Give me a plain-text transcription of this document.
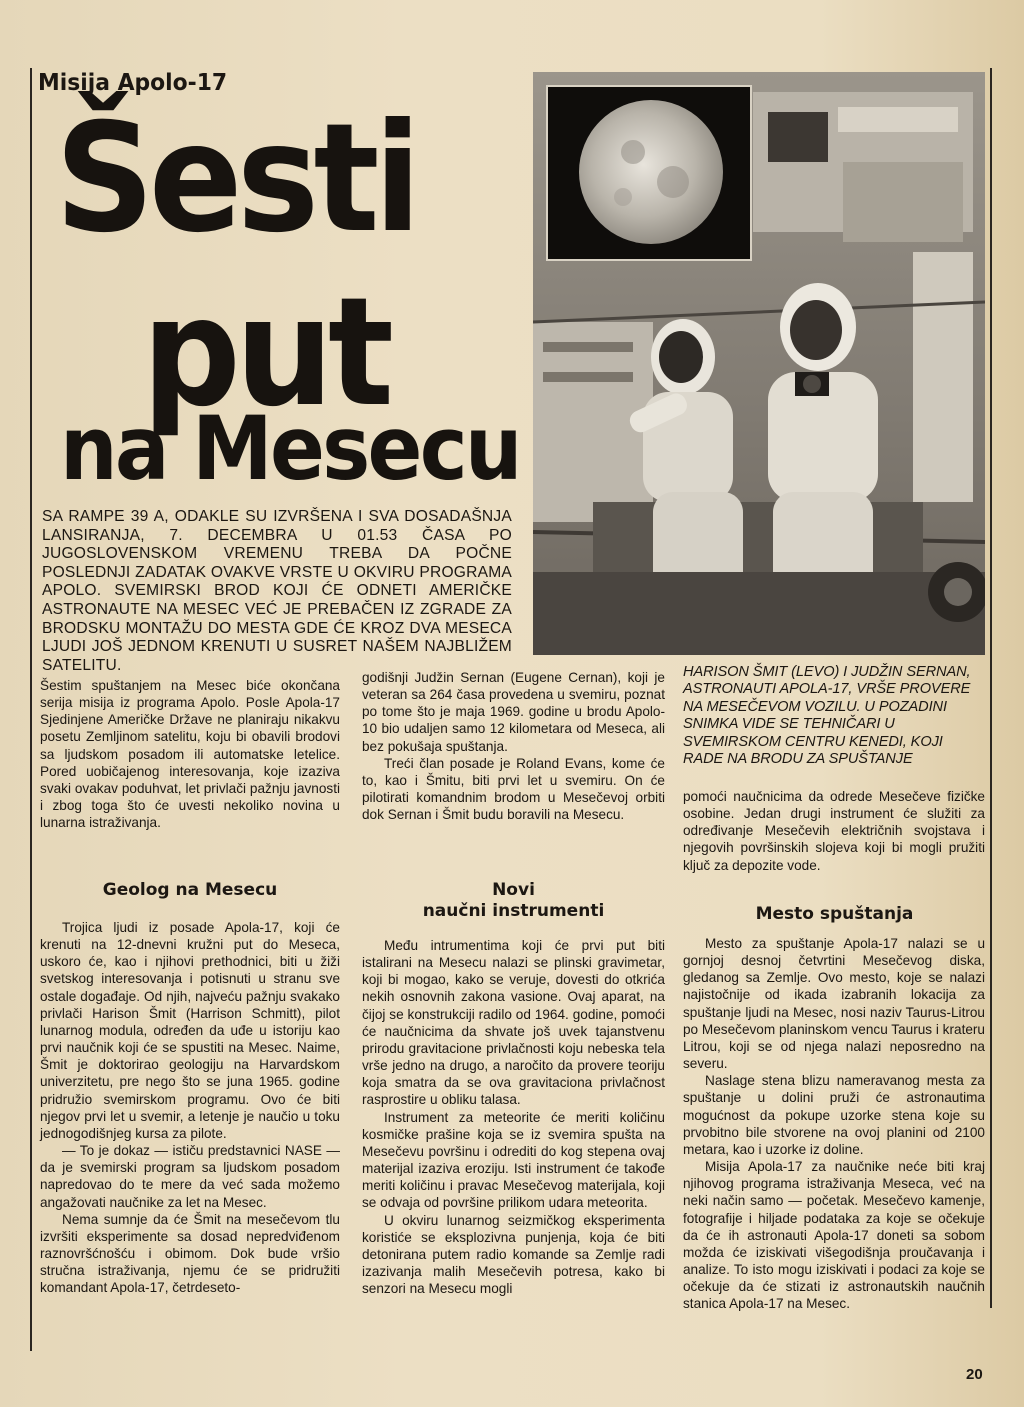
Misija Apolo-17
Šesti
put
na Mesecu
SA RAMPE 39 A, ODAKLE SU IZVRŠENA I SVA DOSADAŠNJA LANSIRANJA, 7. DECEMBRA U 01.53 ČASA PO JUGOSLOVENSKOM VREMENU TREBA DA POČNE POSLEDNJI ZADATAK OVAKVE VRSTE U OKVIRU PROGRAMA APOLO. SVEMIRSKI BROD KOJI ĆE ODNETI AMERIČKE ASTRONAUTE NA MESEC VEĆ JE PREBAČEN IZ ZGRADE ZA BRODSKU MONTAŽU DO MESTA GDE ĆE KROZ DVA MESECA LJUDI JOŠ JEDNOM KRENUTI U SUSRET NAŠEM NAJBLIŽEM SATELITU.

Šestim spuštanjem na Mesec biće okončana serija misija iz programa Apolo. Posle Apola-17 Sjedinjene Američke Države ne planiraju nikakvu posetu Zemljinom satelitu, koju bi obavili brodovi sa ljudskom posadom ili automatske letelice. Pored uobičajenog interesovanja, koje izaziva svaki ovakav poduhvat, let privlači pažnju javnosti i zbog toga što će uvesti nekoliko novina u lunarna istraživanja.

Geolog na Mesecu

Trojica ljudi iz posade Apola-17, koji će krenuti na 12-dnevni kružni put do Meseca, uskoro će, kao i njihovi prethodnici, biti u žiži svetskog interesovanja i potisnuti u stranu sve ostale događaje. Od njih, najveću pažnju svakako privlači Harison Šmit (Harrison Schmitt), pilot lunarnog modula, određen da uđe u istoriju kao prvi naučnik koji će se spustiti na Mesec. Naime, Šmit je doktorirao geologiju na Harvardskom univerzitetu, pre nego što se juna 1965. godine pridružio svemirskom programu. Ovo će biti njegov prvi let u svemir, a letenje je naučio u toku jednogodišnjeg kursa za pilote.

— To je dokaz — ističu predstavnici NASE — da je svemirski program sa ljudskom posadom napredovao do te mere da već sada možemo angažovati naučnike za let na Mesec.

Nema sumnje da će Šmit na mesečevom tlu izvršiti eksperimente sa dosad nepredviđenom raznovršćnošću i obimom. Dok bude vršio stručna istraživanja, njemu će se pridružiti komandant Apola-17, četrdeseto-

godišnji Judžin Sernan (Eugene Cernan), koji je veteran sa 264 časa provedena u svemiru, poznat po tome što je maja 1969. godine u brodu Apolo-10 bio udaljen samo 12 kilometara od Meseca, ali bez pokušaja spuštanja.

Treći član posade je Roland Evans, kome će to, kao i Šmitu, biti prvi let u svemiru. On će pilotirati komandnim brodom u Mesečevoj orbiti dok Sernan i Šmit budu boravili na Mesecu.

Novi
naučni instrumenti

Među intrumentima koji će prvi put biti istalirani na Mesecu nalazi se plinski gravimetar, koji bi mogao, kako se veruje, dovesti do otkrića nekih osnovnih zakona vasione. Ovaj aparat, na čijoj se konstrukciji radilo od 1964. godine, pomoći će naučnicima da shvate još uvek tajanstvenu prirodu gravitacione privlačnosti koju nebeska tela vrše jedno na drugo, a naročito da provere teoriju koja smatra da se ova gravitaciona privlačnost rasprostire u obliku talasa.

Instrument za meteorite će meriti količinu kosmičke prašine koja se iz svemira spušta na Mesečevu površinu i odrediti do kog stepena ovaj materijal izaziva eroziju. Isti instrument će takođe meriti količinu i pravac Mesečevog materijala, koji se odvaja od površine prilikom udara meteorita.

U okviru lunarnog seizmičkog eksperimenta koristiće se eksplozivna punjenja, koja će biti detonirana putem radio komande sa Zemlje radi izazivanja malih Mesečevih potresa, kako bi senzori na Mesecu mogli

HARISON ŠMIT (LEVO) I JUDŽIN SERNAN, ASTRONAUTI APOLA-17, VRŠE PROVERE NA MESEČEVOM VOZILU. U POZADINI SNIMKA VIDE SE TEHNIČARI U SVEMIRSKOM CENTRU KENEDI, KOJI RADE NA BRODU ZA SPUŠTANJE

pomoći naučnicima da odrede Mesečeve fizičke osobine. Jedan drugi instrument će služiti za određivanje Mesečevih električnih svojstava i njegovih površinskih slojeva koji bi mogli pružiti ključ za depozite vode.

Mesto spuštanja

Mesto za spuštanje Apola-17 nalazi se u gornjoj desnoj četvrtini Mesečevog diska, gledanog sa Zemlje. Ovo mesto, koje se nalazi najistočnije od ikada izabranih lokacija za spuštanje ljudi na Mesec, nosi naziv Taurus-Litrou po Mesečevom planinskom vencu Taurus i krateru Litrou, koji se od njega nalazi neposredno na severu.

Naslage stena blizu nameravanog mesta za spuštanje u dolini pruži će astronautima mogućnost da pokupe uzorke stena koje su prvobitno bile stvorene na ovoj planini od 2100 metara, kao i uzorke iz doline.

Misija Apola-17 za naučnike neće biti kraj njihovog programa istraživanja Meseca, već na neki način samo — početak. Mesečevo kamenje, fotografije i hiljade podataka za koje se očekuje da će ih astronauti Apola-17 doneti sa sobom možda će iziskivati višegodišnja proučavanja i analize. To isto mogu iziskivati i podaci za koje se očekuje da će stizati iz astronautskih naučnih stanica Apola-17 na Mesec.

20
